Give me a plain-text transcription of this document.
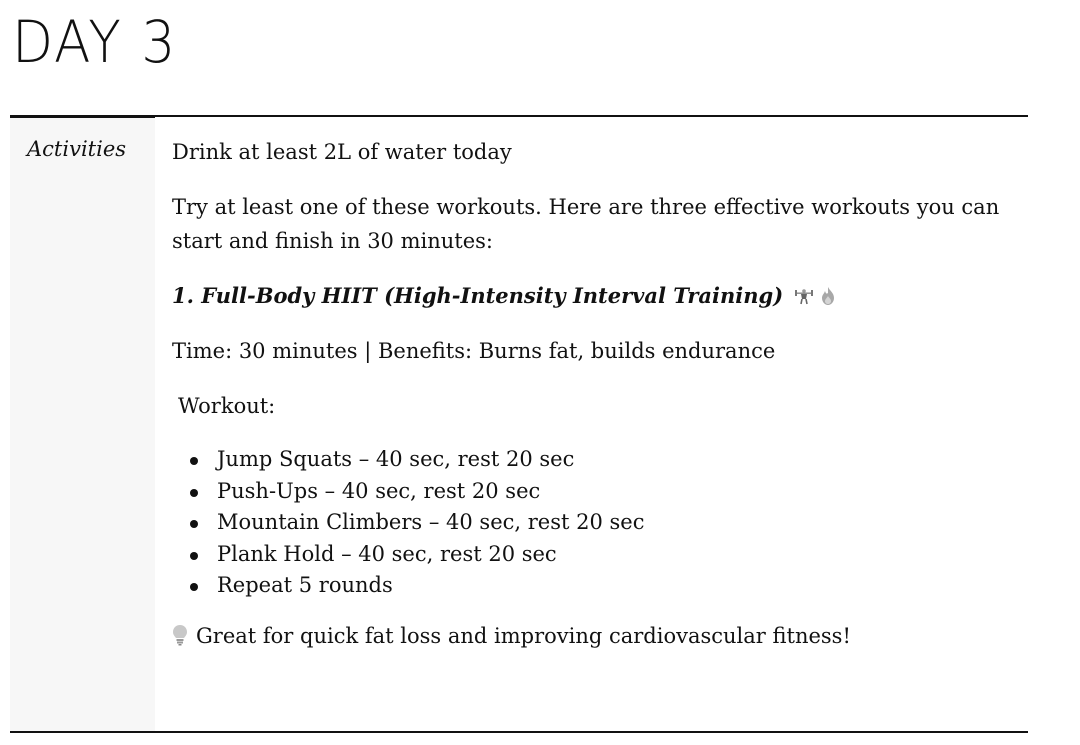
DAY 3
Activities Drink at least 2L of water today

Try at least one of these workouts. Here are three effective workouts you can start and finish in 30 minutes:

1. Full-Body HIIT (High-Intensity Interval Training)

Time: 30 minutes | Benefits: Burns fat, builds endurance

Workout:

Jump Squats – 40 sec, rest 20 sec
Push-Ups – 40 sec, rest 20 sec
Mountain Climbers – 40 sec, rest 20 sec
Plank Hold – 40 sec, rest 20 sec
Repeat 5 rounds

Great for quick fat loss and improving cardiovascular fitness!
